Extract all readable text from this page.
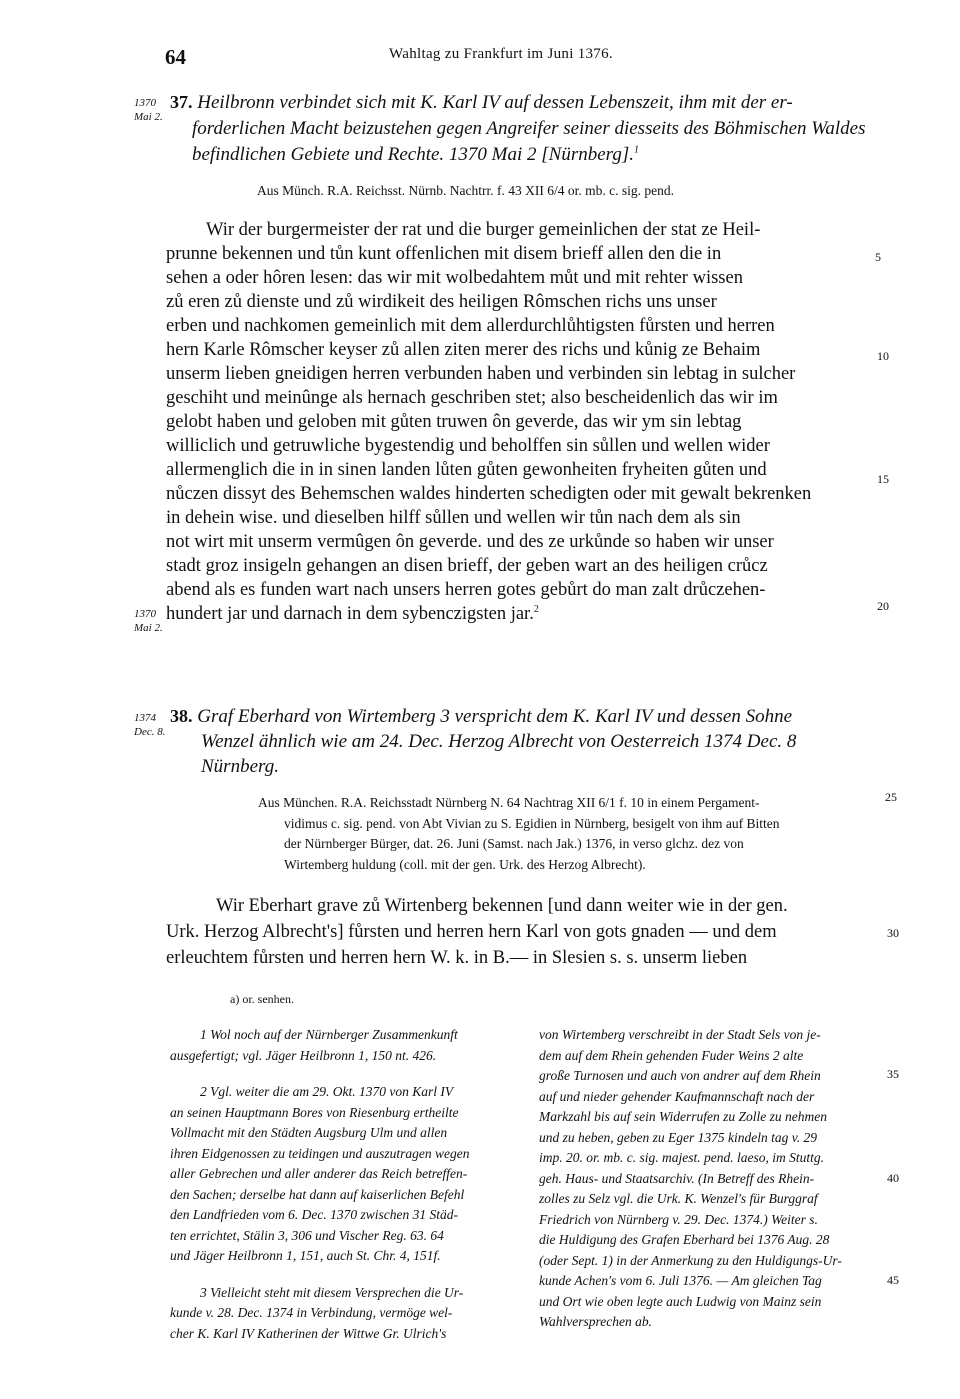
64	Wahltag zu Frankfurt im Juni 1376.
1370
Mai 2.
37. Heilbronn verbindet sich mit K. Karl IV auf dessen Lebenszeit, ihm mit der er-
forderlichen Macht beizustehen gegen Angreifer seiner diesseits des Böhmischen Waldes
befindlichen Gebiete und Rechte. 1370 Mai 2 [Nürnberg].$^1$
Aus Münch. R.A. Reichsst. Nürnb. Nachtrr. f. 43 XII 6/4 or. mb. c. sig. pend.
Wir der burgermeister der rat und die burger gemeinlichen der stat ze Heil-
prunne bekennen und tůn kunt offenlichen mit disem brieff allen den die in
sehen a oder hôren lesen: das wir mit wolbedahtem můt und mit rehter wissen
zů eren zů dienste und zů wirdikeit des heiligen Rômschen richs uns unser
erben und nachkomen gemeinlich mit dem allerdurchlůhtigsten fůrsten und herren
hern Karle Rômscher keyser zů allen ziten merer des richs und kůnig ze Behaim
unserm lieben gneidigen herren verbunden haben und verbinden sin lebtag in sulcher
geschiht und meinûnge als hernach geschriben stet; also bescheidenlich das wir im
gelobt haben und geloben mit gůten truwen ôn geverde, das wir ym sin lebtag
williclich und getruwliche bygestendig und beholffen sin sůllen und wellen wider
allermenglich die in in sinen landen lůten gůten gewonheiten fryheiten gůten und
nůczen dissyt des Behemschen waldes hinderten schedigten oder mit gewalt bekrenken
in dehein wise. und dieselben hilff sůllen und wellen wir tůn nach dem als sin
not wirt mit unserm vermûgen ôn geverde. und des ze urkůnde so haben wir unser
stadt groz insigeln gehangen an disen brieff, der geben wart an des heiligen crůcz
abend als es funden wart nach unsers herren gotes gebůrt do man zalt drůczehen-
hundert jar und darnach in dem sybenczigsten jar.$^2$
1370
Mai 2.
1374
Dec. 8.
38. Graf Eberhard von Wirtemberg 3 verspricht dem K. Karl IV und dessen Sohne
Wenzel ähnlich wie am 24. Dec. Herzog Albrecht von Oesterreich 1374 Dec. 8
Nürnberg.
Aus München. R.A. Reichsstadt Nürnberg N. 64 Nachtrag XII 6/1 f. 10 in einem Pergament-
vidimus c. sig. pend. von Abt Vivian zu S. Egidien in Nürnberg, besigelt von ihm auf Bitten
der Nürnberger Bürger, dat. 26. Juni (Samst. nach Jak.) 1376, in verso glchz. dez von
Wirtemberg huldung (coll. mit der gen. Urk. des Herzog Albrecht).
Wir Eberhart grave zů Wirtenberg bekennen [und dann weiter wie in der gen.
Urk. Herzog Albrecht's] fůrsten und herren hern Karl von gots gnaden — und dem
erleuchtem fůrsten und herren hern W. k. in B.— in Slesien s. s. unserm lieben
5
10
15
20
25
30
35
40
45
a) or. senhen.
1 Wol noch auf der Nürnberger Zusammenkunft
ausgefertigt; vgl. Jäger Heilbronn 1, 150 nt. 426.
2 Vgl. weiter die am 29. Okt. 1370 von Karl IV
an seinen Hauptmann Bores von Riesenburg ertheilte
Vollmacht mit den Städten Augsburg Ulm und allen
ihren Eidgenossen zu teidingen und auszutragen wegen
aller Gebrechen und aller anderer das Reich betreffen-
den Sachen; derselbe hat dann auf kaiserlichen Befehl
den Landfrieden vom 6. Dec. 1370 zwischen 31 Städ-
ten errichtet, Stälin 3, 306 und Vischer Reg. 63. 64
und Jäger Heilbronn 1, 151, auch St. Chr. 4, 151f.
3 Vielleicht steht mit diesem Versprechen die Ur-
kunde v. 28. Dec. 1374 in Verbindung, vermöge wel-
cher K. Karl IV Katherinen der Wittwe Gr. Ulrich's
von Wirtemberg verschreibt in der Stadt Sels von je-
dem auf dem Rhein gehenden Fuder Weins 2 alte
große Turnosen und auch von andrer auf dem Rhein
auf und nieder gehender Kaufmannschaft nach der
Markzahl bis auf sein Widerrufen zu Zolle zu nehmen
und zu heben, geben zu Eger 1375 kindeln tag v. 29
imp. 20. or. mb. c. sig. majest. pend. laeso, im Stuttg.
geh. Haus- und Staatsarchiv. (In Betreff des Rhein-
zolles zu Selz vgl. die Urk. K. Wenzel's für Burggraf
Friedrich von Nürnberg v. 29. Dec. 1374.) Weiter s.
die Huldigung des Grafen Eberhard bei 1376 Aug. 28
(oder Sept. 1) in der Anmerkung zu den Huldigungs-Ur-
kunde Achen's vom 6. Juli 1376. — Am gleichen Tag
und Ort wie oben legte auch Ludwig von Mainz sein
Wahlversprechen ab.
